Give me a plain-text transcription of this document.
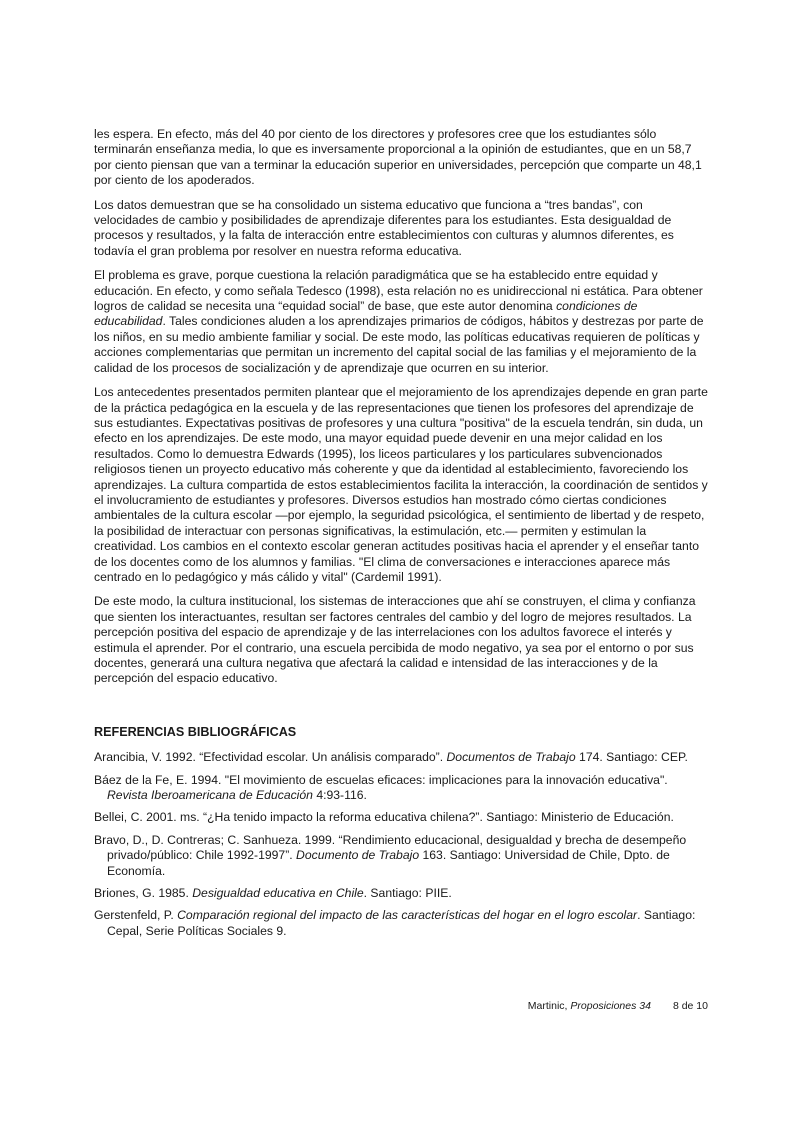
les espera. En efecto, más del 40 por ciento de los directores y profesores cree que los estudiantes sólo terminarán enseñanza media, lo que es inversamente proporcional a la opinión de estudiantes, que en un 58,7 por ciento piensan que van a terminar la educación superior en universidades, percepción que comparte un 48,1 por ciento de los apoderados.

Los datos demuestran que se ha consolidado un sistema educativo que funciona a “tres bandas”, con velocidades de cambio y posibilidades de aprendizaje diferentes para los estudiantes. Esta desigualdad de procesos y resultados, y la falta de interacción entre establecimientos con culturas y alumnos diferentes, es todavía el gran problema por resolver en nuestra reforma educativa.

El problema es grave, porque cuestiona la relación paradigmática que se ha establecido entre equidad y educación. En efecto, y como señala Tedesco (1998), esta relación no es unidireccional ni estática. Para obtener logros de calidad se necesita una “equidad social” de base, que este autor denomina condiciones de educabilidad. Tales condiciones aluden a los aprendizajes primarios de códigos, hábitos y destrezas por parte de los niños, en su medio ambiente familiar y social. De este modo, las políticas educativas requieren de políticas y acciones complementarias que permitan un incremento del capital social de las familias y el mejoramiento de la calidad de los procesos de socialización y de aprendizaje que ocurren en su interior.

Los antecedentes presentados permiten plantear que el mejoramiento de los aprendizajes depende en gran parte de la práctica pedagógica en la escuela y de las representaciones que tienen los profesores del aprendizaje de sus estudiantes. Expectativas positivas de profesores y una cultura "positiva" de la escuela tendrán, sin duda, un efecto en los aprendizajes. De este modo, una mayor equidad puede devenir en una mejor calidad en los resultados. Como lo demuestra Edwards (1995), los liceos particulares y los particulares subvencionados religiosos tienen un proyecto educativo más coherente y que da identidad al establecimiento, favoreciendo los aprendizajes. La cultura compartida de estos establecimientos facilita la interacción, la coordinación de sentidos y el involucramiento de estudiantes y profesores. Diversos estudios han mostrado cómo ciertas condiciones ambientales de la cultura escolar —por ejemplo, la seguridad psicológica, el sentimiento de libertad y de respeto, la posibilidad de interactuar con personas significativas, la estimulación, etc.— permiten y estimulan la creatividad. Los cambios en el contexto escolar generan actitudes positivas hacia el aprender y el enseñar tanto de los docentes como de los alumnos y familias. "El clima de conversaciones e interacciones aparece más centrado en lo pedagógico y más cálido y vital" (Cardemil 1991).

De este modo, la cultura institucional, los sistemas de interacciones que ahí se construyen, el clima y confianza que sienten los interactuantes, resultan ser factores centrales del cambio y del logro de mejores resultados. La percepción positiva del espacio de aprendizaje y de las interrelaciones con los adultos favorece el interés y estimula el aprender. Por el contrario, una escuela percibida de modo negativo, ya sea por el entorno o por sus docentes, generará una cultura negativa que afectará la calidad e intensidad de las interacciones y de la percepción del espacio educativo.

REFERENCIAS BIBLIOGRÁFICAS
Arancibia, V. 1992. “Efectividad escolar. Un análisis comparado”. Documentos de Trabajo 174. Santiago: CEP.
Báez de la Fe, E. 1994. "El movimiento de escuelas eficaces: implicaciones para la innovación educativa". Revista Iberoamericana de Educación 4:93-116.
Bellei, C. 2001. ms. “¿Ha tenido impacto la reforma educativa chilena?”. Santiago: Ministerio de Educación.
Bravo, D., D. Contreras; C. Sanhueza. 1999. “Rendimiento educacional, desigualdad y brecha de desempeño privado/público: Chile 1992-1997”. Documento de Trabajo 163. Santiago: Universidad de Chile, Dpto. de Economía.
Briones, G. 1985. Desigualdad educativa en Chile. Santiago: PIIE.
Gerstenfeld, P. Comparación regional del impacto de las características del hogar en el logro escolar. Santiago: Cepal, Serie Políticas Sociales 9.
Martinic, Proposiciones 34 8 de 10
